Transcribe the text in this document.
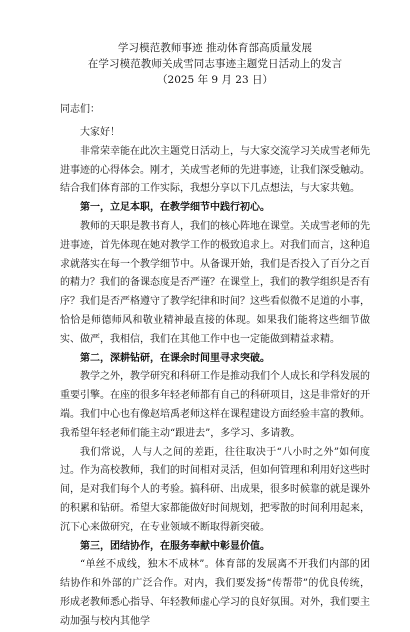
学习模范教师事迹 推动体育部高质量发展

在学习模范教师关成雪同志事迹主题党日活动上的发言

（2025 年 9 月 23 日）

同志们：

大家好！

非常荣幸能在此次主题党日活动上，与大家交流学习关成雪老师先进事迹的心得体会。刚才，关成雪老师的先进事迹，让我们深受触动。结合我们体育部的工作实际，我想分享以下几点想法，与大家共勉。

第一，立足本职，在教学细节中践行初心。

教师的天职是教书育人，我们的核心阵地在课堂。关成雪老师的先进事迹，首先体现在她对教学工作的极致追求上。对我们而言，这种追求就落实在每一个教学细节中。从备课开始，我们是否投入了百分之百的精力？我们的备课态度是否严谨？在课堂上，我们的教学组织是否有序？我们是否严格遵守了教学纪律和时间？这些看似微不足道的小事，恰恰是师德师风和敬业精神最直接的体现。如果我们能将这些细节做实、做严，我相信，我们在其他工作中也一定能做到精益求精。

第二，深耕钻研，在课余时间里寻求突破。

教学之外，教学研究和科研工作是推动我们个人成长和学科发展的重要引擎。在座的很多年轻老师都有自己的科研项目，这是非常好的开端。我们中心也有像赵培禹老师这样在课程建设方面经验丰富的教师。我希望年轻老师们能主动“跟进去”，多学习、多请教。

我们常说，人与人之间的差距，往往取决于“八小时之外”如何度过。作为高校教师，我们的时间相对灵活，但如何管理和利用好这些时间，是对我们每个人的考验。搞科研、出成果，很多时候靠的就是课外的积累和钻研。希望大家都能做好时间规划，把零散的时间利用起来，沉下心来做研究，在专业领域不断取得新突破。

第三，团结协作，在服务奉献中彰显价值。

“单丝不成线，独木不成林”。体育部的发展离不开我们内部的团结协作和外部的广泛合作。对内，我们要发扬“传帮带”的优良传统，形成老教师悉心指导、年轻教师虚心学习的良好氛围。对外，我们要主动加强与校内其他学
